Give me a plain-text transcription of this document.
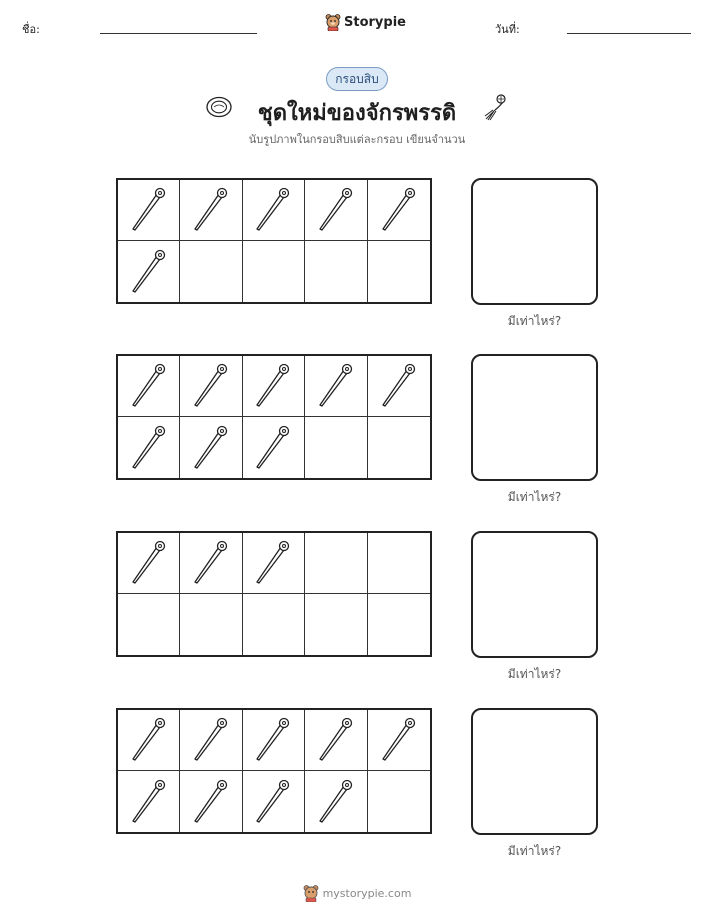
ชื่อ:	Storypie	วันที่:
กรอบสิบ
ชุดใหม่ของจักรพรรดิ
นับรูปภาพในกรอบสิบแต่ละกรอบ เขียนจำนวน
มีเท่าไหร่?
มีเท่าไหร่?
มีเท่าไหร่?
มีเท่าไหร่?
mystorypie.com
